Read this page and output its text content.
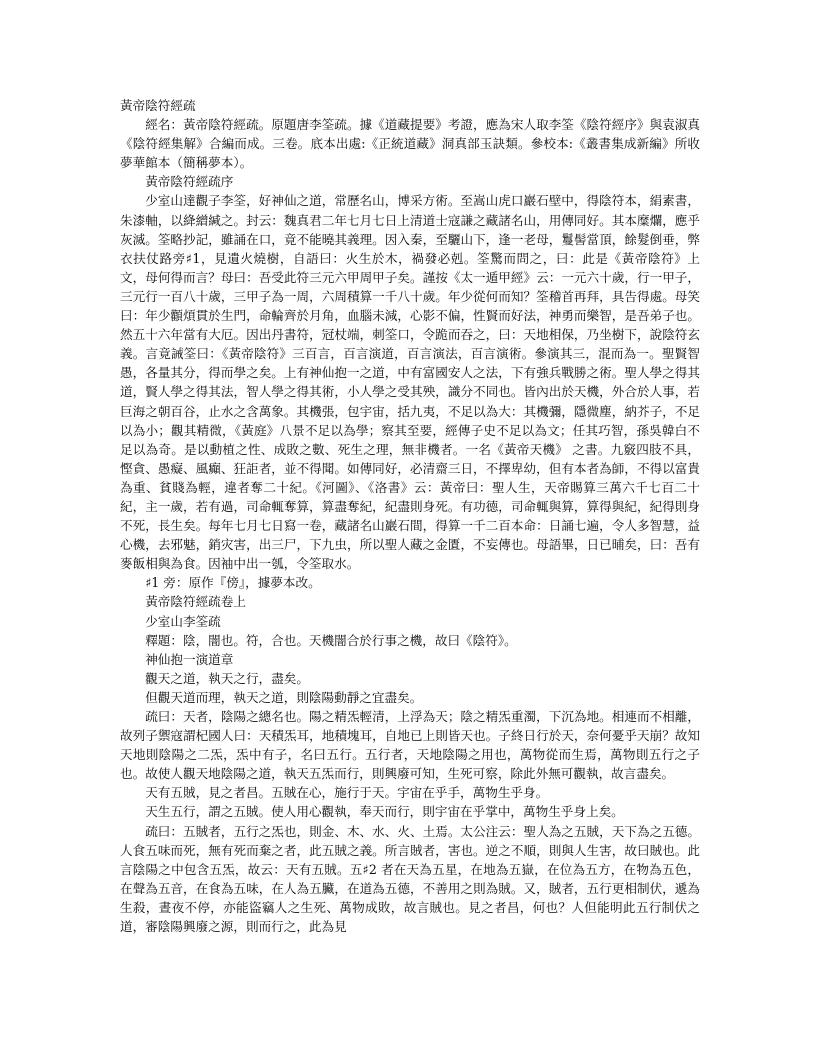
黃帝陰符經疏

經名：黃帝陰符經疏。原題唐李筌疏。據《道藏提要》考證，應為宋人取李筌《陰符經序》與袁淑真《陰符經集解》合編而成。三卷。底本出處:《正統道藏》洞真部玉訣類。參校本:《叢書集成新編》所收夢華館本（簡稱夢本）。

黃帝陰符經疏序

少室山達觀子李筌，好神仙之道，常歷名山，博采方術。至嵩山虎口巖石壁中，得陰符本，絹素書，朱漆軸，以絳繒緘之。封云：魏真君二年七月七日上清道士寇謙之藏諸名山，用傳同好。其本糜爛，應乎灰滅。筌略抄記，雖誦在口，竟不能曉其義理。因入秦，至驪山下，逢一老母，鬘髻當頂，餘髮倒垂，弊衣扶仗路旁♯1，見遺火燒樹，自語曰：火生於木，禍發必剋。筌驚而問之，曰：此是《黃帝陰符》上文，母何得而言？母曰：吾受此符三元六甲周甲子矣。謹按《太一遁甲經》云：一元六十歲，行一甲子，三元行一百八十歲，三甲子為一周，六周積算一千八十歲。年少從何而知？筌稽首再拜，具告得處。母笑曰：年少顴煩貫於生門，命輪齊於月角，血腦未減，心影不偏，性賢而好法，神勇而樂智，是吾弟子也。然五十六年當有大厄。因出丹書符，冠杖端，刺筌口，令跪而吞之，曰：天地相保，乃坐樹下，說陰符玄義。言竟誡筌曰：《黃帝陰符》三百言，百言演道，百言演法，百言演術。參演其三，混而為一。聖賢智愚，各量其分，得而學之矣。上有神仙抱一之道，中有富國安人之法，下有強兵戰勝之術。聖人學之得其道，賢人學之得其法，智人學之得其術，小人學之受其殃，識分不同也。皆內出於天機，外合於人事，若巨海之朝百谷，止水之含萬象。其機張，包宇宙，括九夷，不足以為大：其機彌，隱微塵，納芥子，不足以為小；觀其精微，《黃庭》八景不足以為學；察其至要，經傳子史不足以為文；任其巧智，孫吳韓白不足以為奇。是以動植之性、成敗之數、死生之理，無非機者。一名《黃帝天機》 之書。九竅四肢不具，慳貪、愚癡、風癲、狂詎者，並不得聞。如傳同好，必清齋三日，不擇卑幼，但有本者為師，不得以富貴為重、貧賤為輕，違者奪二十紀。《河圖》、《洛書》云：黃帝曰：聖人生，天帝賜算三萬六千七百二十紀，主一歲，若有過，司命輒奪算，算盡奪紀，紀盡則身死。有功德，司命輒與算，算得與紀，紀得則身不死，長生矣。每年七月七日寫一卷，藏諸名山巖石間，得算一千二百本命：日誦七遍，令人多智慧，益心機，去邪魅，銷灾害，出三尸，下九虫，所以聖人藏之金匱，不妄傳也。母語畢，日已晡矣，曰：吾有麥飯相與為食。因袖中出一瓠，令筌取水。

♯1 旁：原作『傍』，據夢本改。

黃帝陰符經疏卷上

少室山李筌疏

釋題：陰，闇也。符，合也。天機闇合於行事之機，故曰《陰符》。

神仙抱一演道章

觀天之道，執天之行，盡矣。

但觀天道而理，執天之道，則陰陽動靜之宜盡矣。

疏曰：天者，陰陽之總名也。陽之精炁輕清，上浮為天；陰之精炁重濁，下沉為地。相連而不相離，故列子禦寇謂杞國人曰：天積炁耳，地積塊耳，自地已上則皆天也。子終日行於天，奈何憂乎天崩？故知天地則陰陽之二炁，炁中有子，名曰五行。五行者，天地陰陽之用也，萬物從而生焉，萬物則五行之子也。故使人觀天地陰陽之道，執天五炁而行，則興廢可知，生死可察，除此外無可觀執，故言盡矣。

天有五賊，見之者昌。五賊在心，施行于天。宇宙在乎手，萬物生乎身。

天生五行，謂之五賊。使人用心觀執，奉天而行，則宇宙在乎掌中，萬物生乎身上矣。

疏曰：五賊者，五行之炁也，則金、木、水、火、土焉。太公注云：聖人為之五賊，天下為之五德。人食五味而死，無有死而棄之者，此五賊之義。所言賊者，害也。逆之不順，則與人生害，故曰賊也。此言陰陽之中包含五炁，故云：天有五賊。五♯2 者在天為五星，在地為五嶽，在位為五方，在物為五色，在聲為五音，在食為五味，在人為五臟，在道為五德，不善用之則為賊。又，賊者，五行更相制伏，遞為生殺，晝夜不停，亦能盜竊人之生死、萬物成敗，故言賊也。見之者昌，何也？人但能明此五行制伏之道，審陰陽興廢之源，則而行之，此為見
